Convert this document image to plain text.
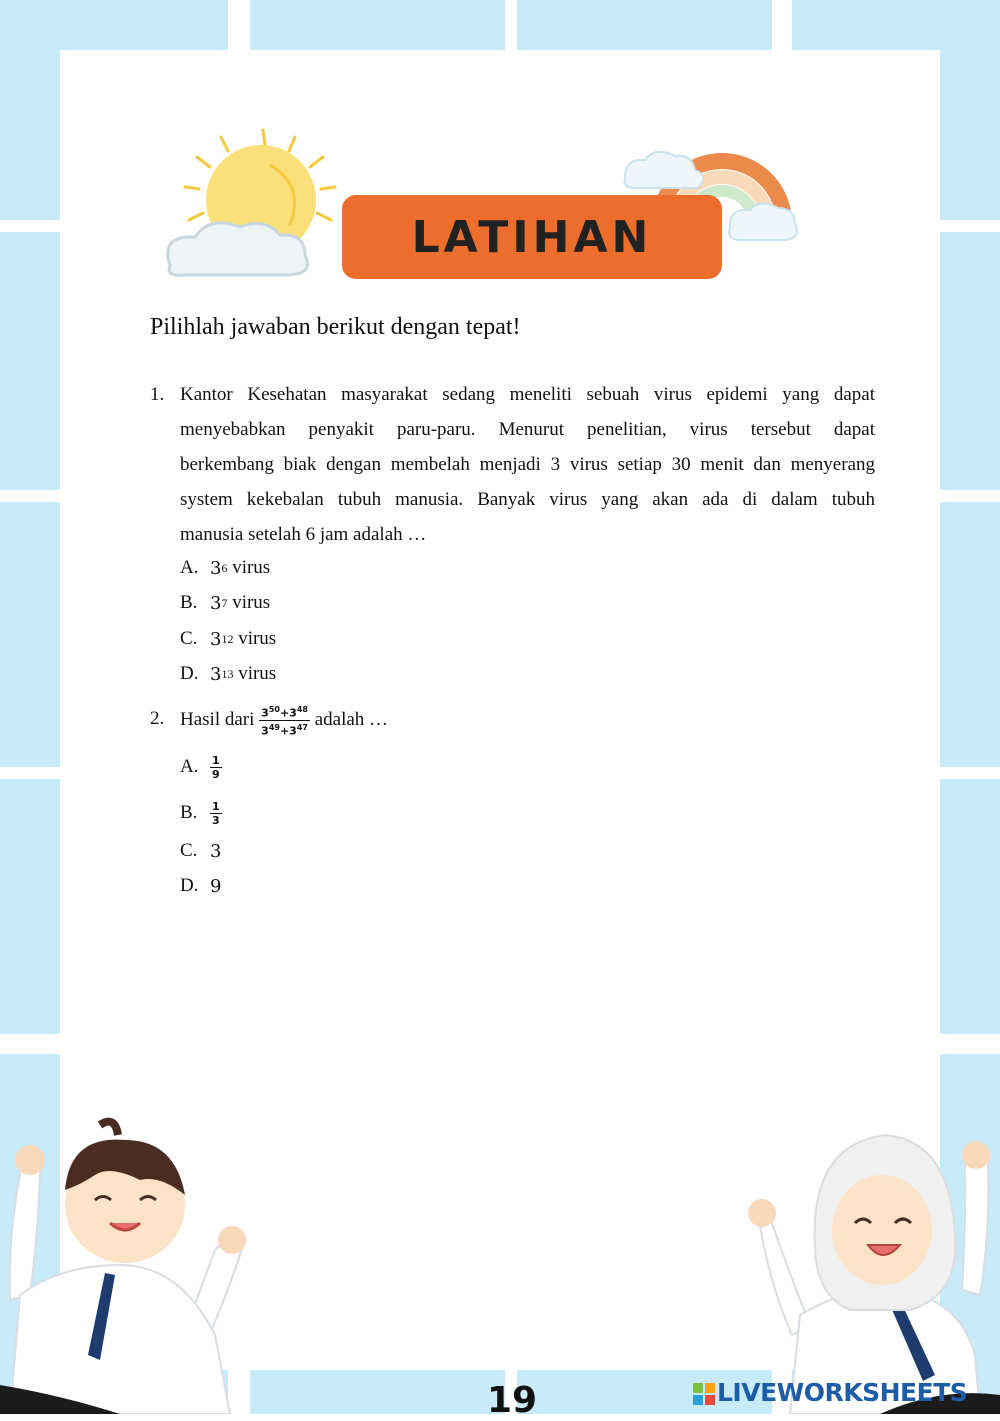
LATIHAN
Pilihlah jawaban berikut dengan tepat!
1. Kantor Kesehatan masyarakat sedang meneliti sebuah virus epidemi yang dapat
menyebabkan penyakit paru-paru. Menurut penelitian, virus tersebut dapat
berkembang biak dengan membelah menjadi 3 virus setiap 30 menit dan menyerang
system kekebalan tubuh manusia. Banyak virus yang akan ada di dalam tubuh
manusia setelah 6 jam adalah …
A. 3 6
virus
B. 3 7
virus
C. 3 12
virus
D. 3 13
virus
2. Hasil dari
$\frac{3^{50}+3^{48}}{3^{49}+3^{47}}$
adalah …
A.	$\frac{1}{9}$
B.	$\frac{1}{3}$
C. 3
D. 9
19	LIVEWORKSHEETS
